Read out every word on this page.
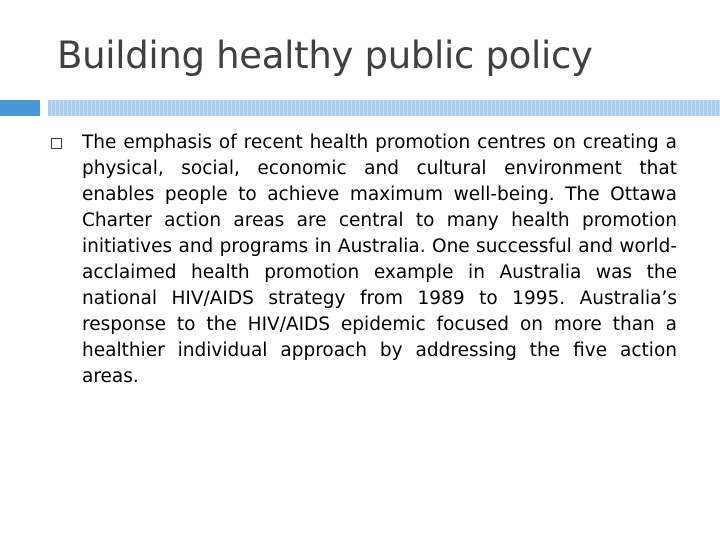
Building healthy public policy

The emphasis of recent health promotion centres on creating a physical, social, economic and cultural environment that enables people to achieve maximum well-being. The Ottawa Charter action areas are central to many health promotion initiatives and programs in Australia. One successful and world-acclaimed health promotion example in Australia was the national HIV/AIDS strategy from 1989 to 1995. Australia’s response to the HIV/AIDS epidemic focused on more than a healthier individual approach by addressing the five action areas.
